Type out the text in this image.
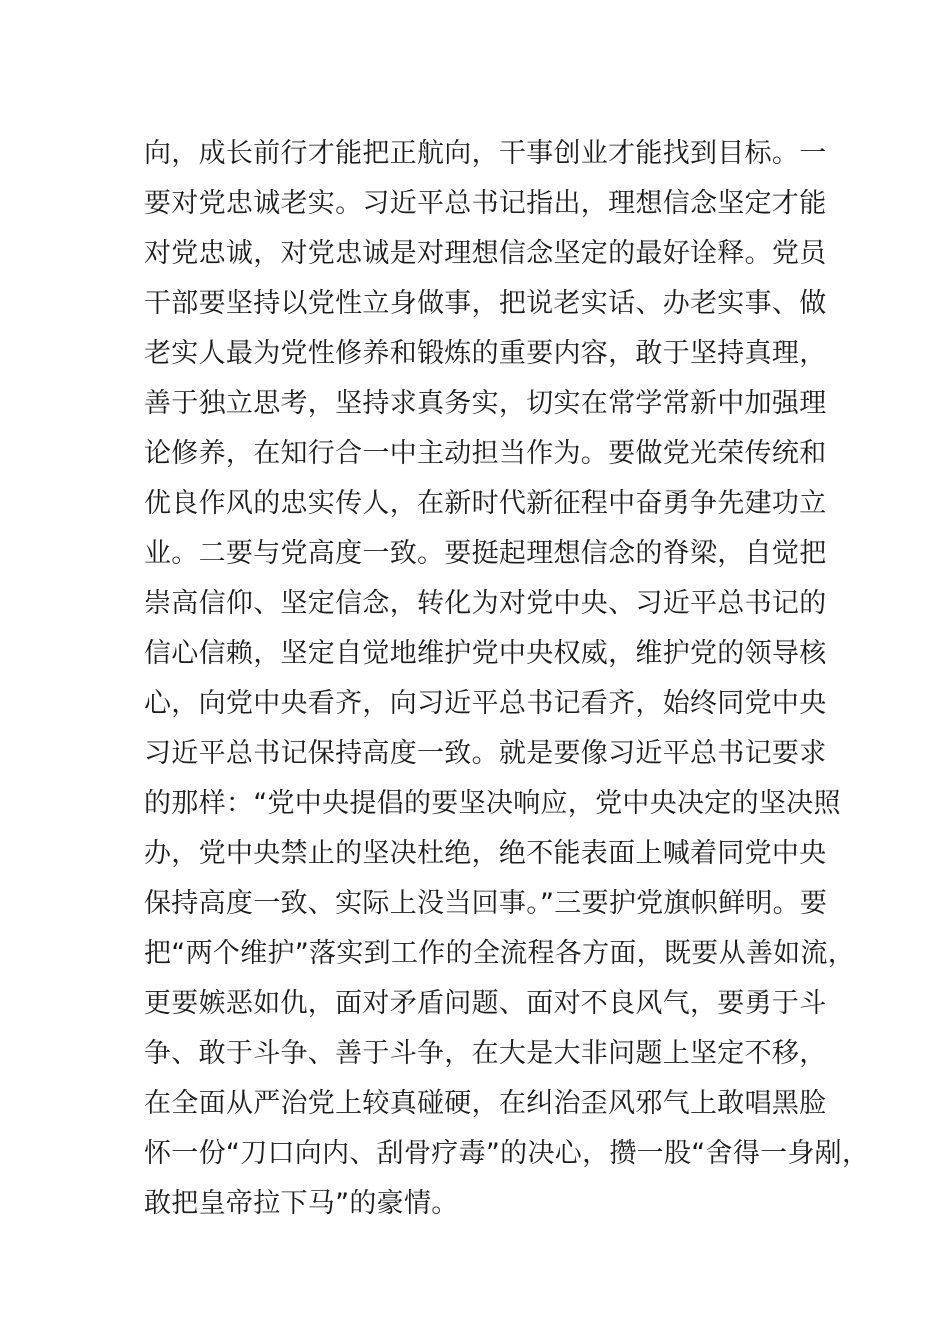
向，成长前行才能把正航向，干事创业才能找到目标。一
要对党忠诚老实。习近平总书记指出，理想信念坚定才能
对党忠诚，对党忠诚是对理想信念坚定的最好诠释。党员
干部要坚持以党性立身做事，把说老实话、办老实事、做
老实人最为党性修养和锻炼的重要内容，敢于坚持真理，
善于独立思考，坚持求真务实，切实在常学常新中加强理
论修养，在知行合一中主动担当作为。要做党光荣传统和
优良作风的忠实传人，在新时代新征程中奋勇争先建功立
业。二要与党高度一致。要挺起理想信念的脊梁，自觉把
崇高信仰、坚定信念，转化为对党中央、习近平总书记的
信心信赖，坚定自觉地维护党中央权威，维护党的领导核
心，向党中央看齐，向习近平总书记看齐，始终同党中央
习近平总书记保持高度一致。就是要像习近平总书记要求
的那样：“党中央提倡的要坚决响应，党中央决定的坚决照
办，党中央禁止的坚决杜绝，绝不能表面上喊着同党中央
保持高度一致、实际上没当回事。”三要护党旗帜鲜明。要
把“两个维护”落实到工作的全流程各方面，既要从善如流，
更要嫉恶如仇，面对矛盾问题、面对不良风气，要勇于斗
争、敢于斗争、善于斗争，在大是大非问题上坚定不移，
在全面从严治党上较真碰硬，在纠治歪风邪气上敢唱黑脸
怀一份“刀口向内、刮骨疗毒”的决心，攒一股“舍得一身剐，
敢把皇帝拉下马”的豪情。
